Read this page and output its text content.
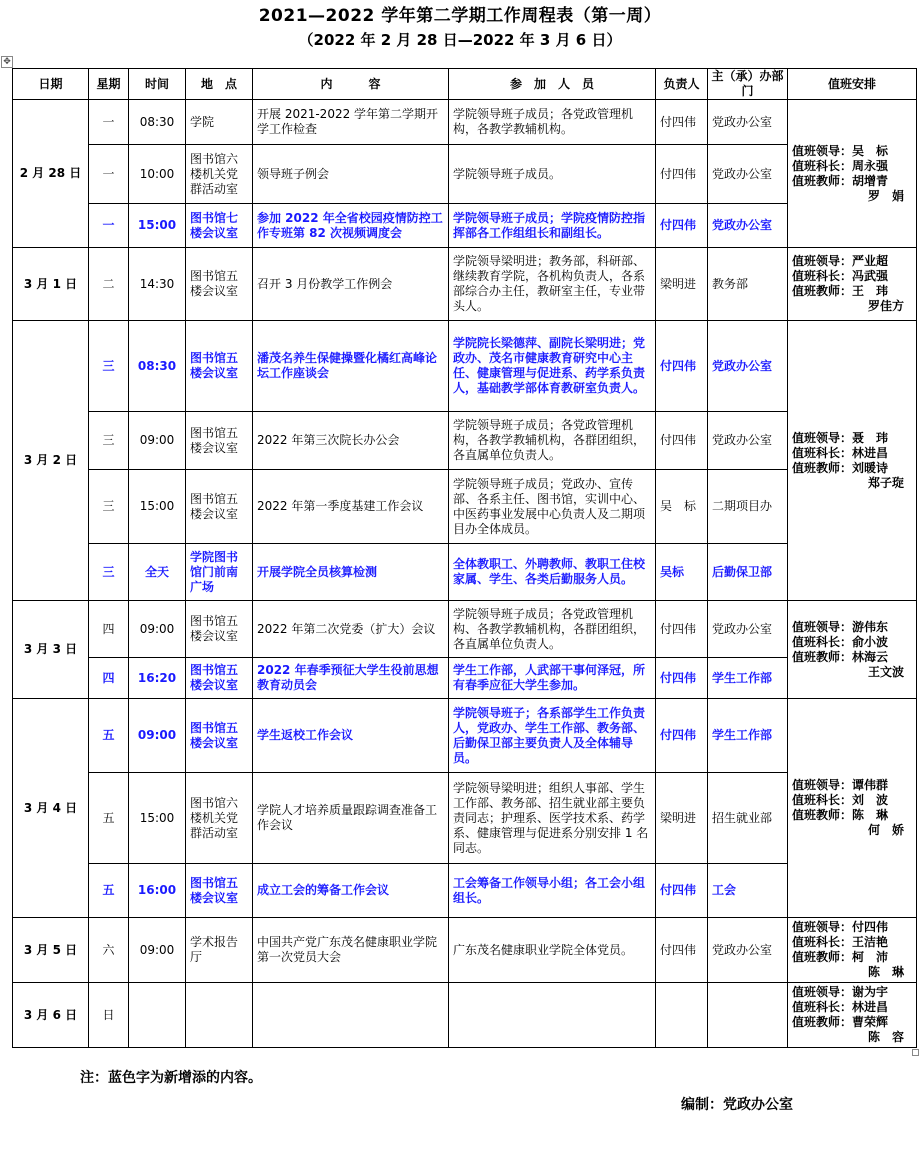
2021—2022 学年第二学期工作周程表（第一周）
（2022 年 2 月 28 日—2022 年 3 月 6 日）
✥
日期	星期	时间	地　点	内　　　容	参　加　人　员	负责人	主（承）办部　门	值班安排
2 月 28 日	一	08:30	学院	开展 2021-2022 学年第二学期开学工作检查	学院领导班子成员；各党政管理机构，各教学教辅机构。	付四伟	党政办公室	值班领导：吴　标
值班科长：周永强
值班教师：胡增青
罗　娟

	一	10:00	图书馆六楼机关党群活动室	领导班子例会	学院领导班子成员。	付四伟	党政办公室	
	一	15:00	图书馆七楼会议室	参加 2022 年全省校园疫情防控工作专班第 82 次视频调度会	学院领导班子成员；学院疫情防控指挥部各工作组组长和副组长。	付四伟	党政办公室	
3 月 1 日	二	14:30	图书馆五楼会议室	召开 3 月份教学工作例会	学院领导梁明进；教务部，科研部、继续教育学院，各机构负责人，各系部综合办主任，教研室主任，专业带头人。	梁明进	教务部	值班领导：严业超
值班科长：冯武强
值班教师：王　玮
罗佳方

3 月 2 日	三	08:30	图书馆五楼会议室	潘茂名养生保健操暨化橘红高峰论坛工作座谈会	学院院长梁德萍、副院长梁明进；党政办、茂名市健康教育研究中心主任、健康管理与促进系、药学系负责人，基础教学部体育教研室负责人。	付四伟	党政办公室	值班领导：聂　玮
值班科长：林进昌
值班教师：刘暖诗
郑子琁

	三	09:00	图书馆五楼会议室	2022 年第三次院长办公会	学院领导班子成员；各党政管理机构，各教学教辅机构，各群团组织，各直属单位负责人。	付四伟	党政办公室	
	三	15:00	图书馆五楼会议室	2022 年第一季度基建工作会议	学院领导班子成员；党政办、宣传部、各系主任、图书馆，实训中心、中医药事业发展中心负责人及二期项目办全体成员。	吴　标	二期项目办	
	三	全天	学院图书馆门前南广场	开展学院全员核算检测	全体教职工、外聘教师、教职工住校家属、学生、各类后勤服务人员。	吴标	后勤保卫部	
3 月 3 日	四	09:00	图书馆五楼会议室	2022 年第二次党委（扩大）会议	学院领导班子成员；各党政管理机构、各教学教辅机构，各群团组织，各直属单位负责人。	付四伟	党政办公室	值班领导：游伟东
值班科长：俞小波
值班教师：林海云
王文波

	四	16:20	图书馆五楼会议室	2022 年春季预征大学生役前思想教育动员会	学生工作部，人武部干事何泽冠，所有春季应征大学生参加。	付四伟	学生工作部	
3 月 4 日	五	09:00	图书馆五楼会议室	学生返校工作会议	学院领导班子；各系部学生工作负责人，党政办、学生工作部、教务部、后勤保卫部主要负责人及全体辅导员。	付四伟	学生工作部	值班领导：谭伟群
值班科长：刘　波
值班教师：陈　琳
何　娇

	五	15:00	图书馆六楼机关党群活动室	学院人才培养质量跟踪调查准备工作会议	学院领导梁明进；组织人事部、学生工作部、教务部、招生就业部主要负责同志；护理系、医学技术系、药学系、健康管理与促进系分别安排 1 名同志。	梁明进	招生就业部	
	五	16:00	图书馆五楼会议室	成立工会的筹备工作会议	工会筹备工作领导小组；各工会小组组长。	付四伟	工会	
3 月 5 日	六	09:00	学术报告厅	中国共产党广东茂名健康职业学院第一次党员大会	广东茂名健康职业学院全体党员。	付四伟	党政办公室	值班领导：付四伟
值班科长：王洁艳
值班教师：柯　沛
陈　琳

3 月 6 日	日							值班领导：谢为宇
值班科长：林进昌
值班教师：曹荣辉
陈　容
注：蓝色字为新增添的内容。
编制：党政办公室
